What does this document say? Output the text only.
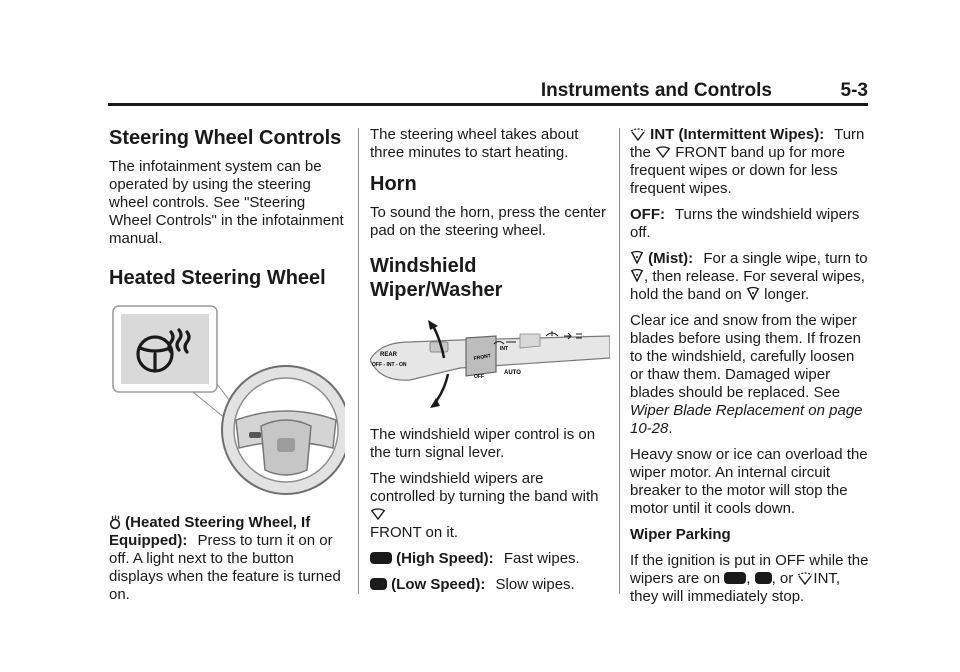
Instruments and Controls	5-3
Steering Wheel Controls

The infotainment system can be operated by using the steering wheel controls. See "Steering Wheel Controls" in the infotainment manual.

Heated Steering Wheel

(Heated Steering Wheel, If Equipped): Press to turn it on or off. A light next to the button displays when the feature is turned on.

The steering wheel takes about three minutes to start heating.

Horn

To sound the horn, press the center pad on the steering wheel.

Windshield Wiper/Washer
REAR
OFF - INT - ON
FRONT
INT
OFF
AUTO

The windshield wiper control is on the turn signal lever.

The windshield wipers are controlled by turning the band with
FRONT on it.

(High Speed): Fast wipes.

(Low Speed): Slow wipes.

INT (Intermittent Wipes): Turn the FRONT band up for more frequent wipes or down for less frequent wipes.

OFF: Turns the windshield wipers off.

(Mist): For a single wipe, turn to, then release. For several wipes, hold the band on longer.

Clear ice and snow from the wiper blades before using them. If frozen to the windshield, carefully loosen or thaw them. Damaged wiper blades should be replaced. See Wiper Blade Replacement on page 10-28.

Heavy snow or ice can overload the wiper motor. An internal circuit breaker to the motor will stop the motor until it cools down.

Wiper Parking

If the ignition is put in OFF while the wipers are on , , or INT, they will immediately stop.
